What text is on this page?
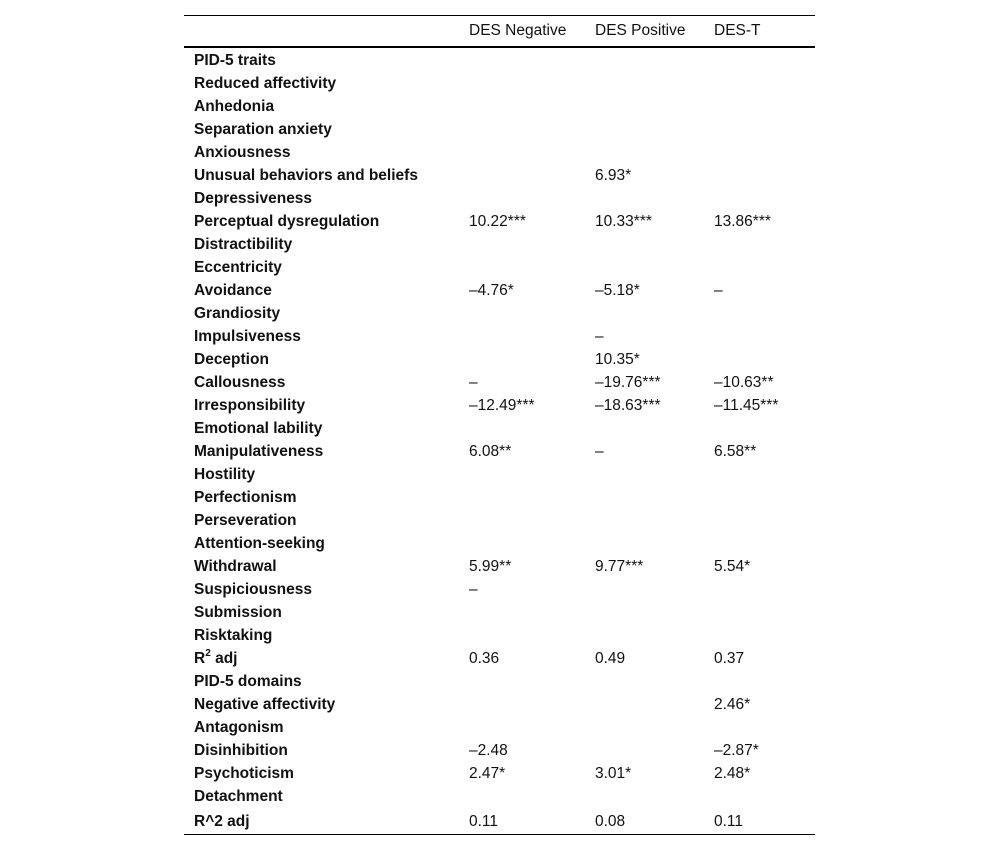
	DES Negative	DES Positive	DES-T
PID-5 traits			
Reduced affectivity			
Anhedonia			
Separation anxiety			
Anxiousness			
Unusual behaviors and beliefs		6.93*	
Depressiveness			
Perceptual dysregulation	10.22***	10.33***	13.86***
Distractibility			
Eccentricity			
Avoidance	–4.76*	–5.18*	–
Grandiosity			
Impulsiveness		–	
Deception		10.35*	
Callousness	–	–19.76***	–10.63**
Irresponsibility	–12.49***	–18.63***	–11.45***
Emotional lability			
Manipulativeness	6.08**	–	6.58**
Hostility			
Perfectionism			
Perseveration			
Attention-seeking			
Withdrawal	5.99**	9.77***	5.54*
Suspiciousness	–		
Submission			
Risktaking			
$R^2$ adj	0.36	0.49	0.37
PID-5 domains			
Negative affectivity			2.46*
Antagonism			
Disinhibition	–2.48		–2.87*
Psychoticism	2.47*	3.01*	2.48*
Detachment			
R^2 adj	0.11	0.08	0.11
